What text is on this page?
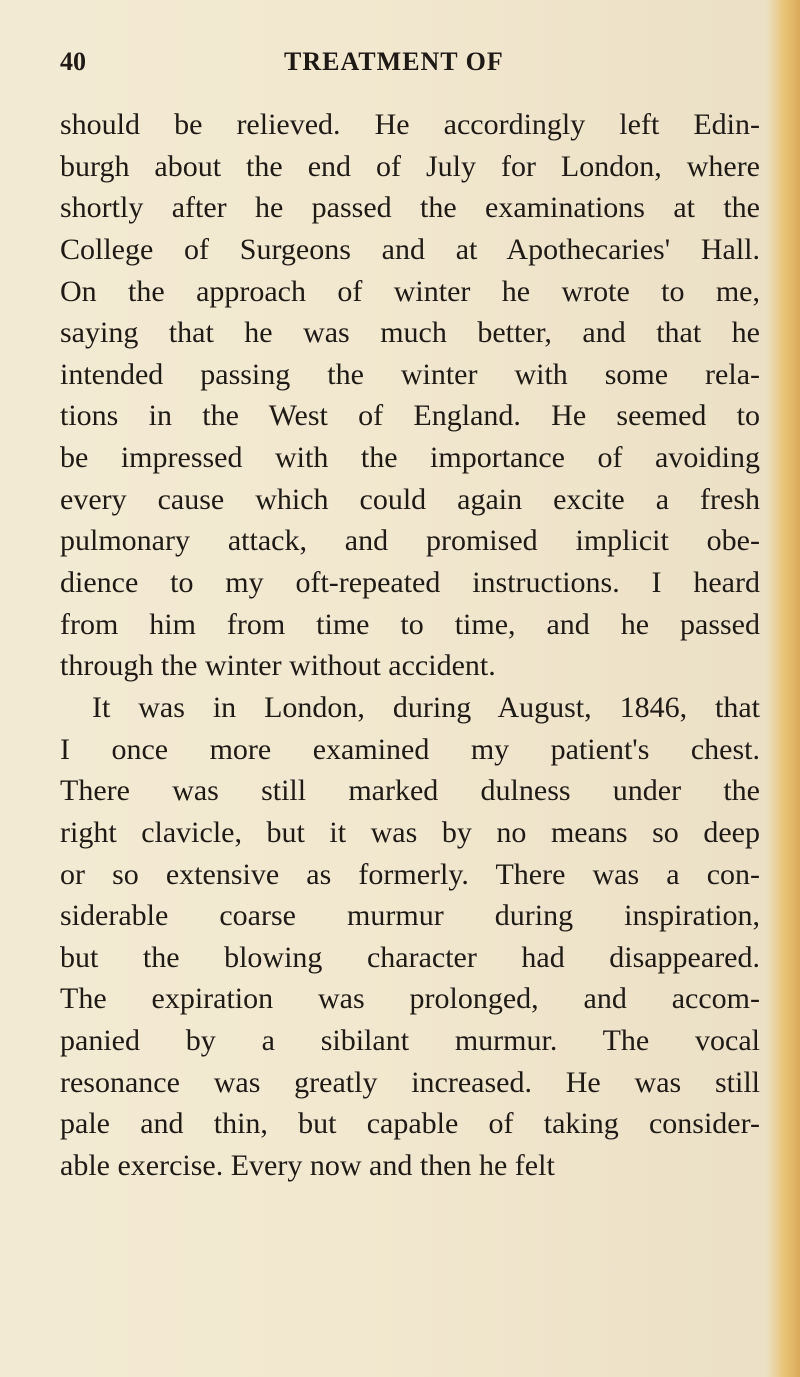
40	TREATMENT OF
should be relieved. He accordingly left Edin-
burgh about the end of July for London, where
shortly after he passed the examinations at the
College of Surgeons and at Apothecaries' Hall.
On the approach of winter he wrote to me,
saying that he was much better, and that he
intended passing the winter with some rela-
tions in the West of England. He seemed to
be impressed with the importance of avoiding
every cause which could again excite a fresh
pulmonary attack, and promised implicit obe-
dience to my oft-repeated instructions. I heard
from him from time to time, and he passed
through the winter without accident.
It was in London, during August, 1846, that
I once more examined my patient's chest.
There was still marked dulness under the
right clavicle, but it was by no means so deep
or so extensive as formerly. There was a con-
siderable coarse murmur during inspiration,
but the blowing character had disappeared.
The expiration was prolonged, and accom-
panied by a sibilant murmur. The vocal
resonance was greatly increased. He was still
pale and thin, but capable of taking consider-
able exercise. Every now and then he felt
